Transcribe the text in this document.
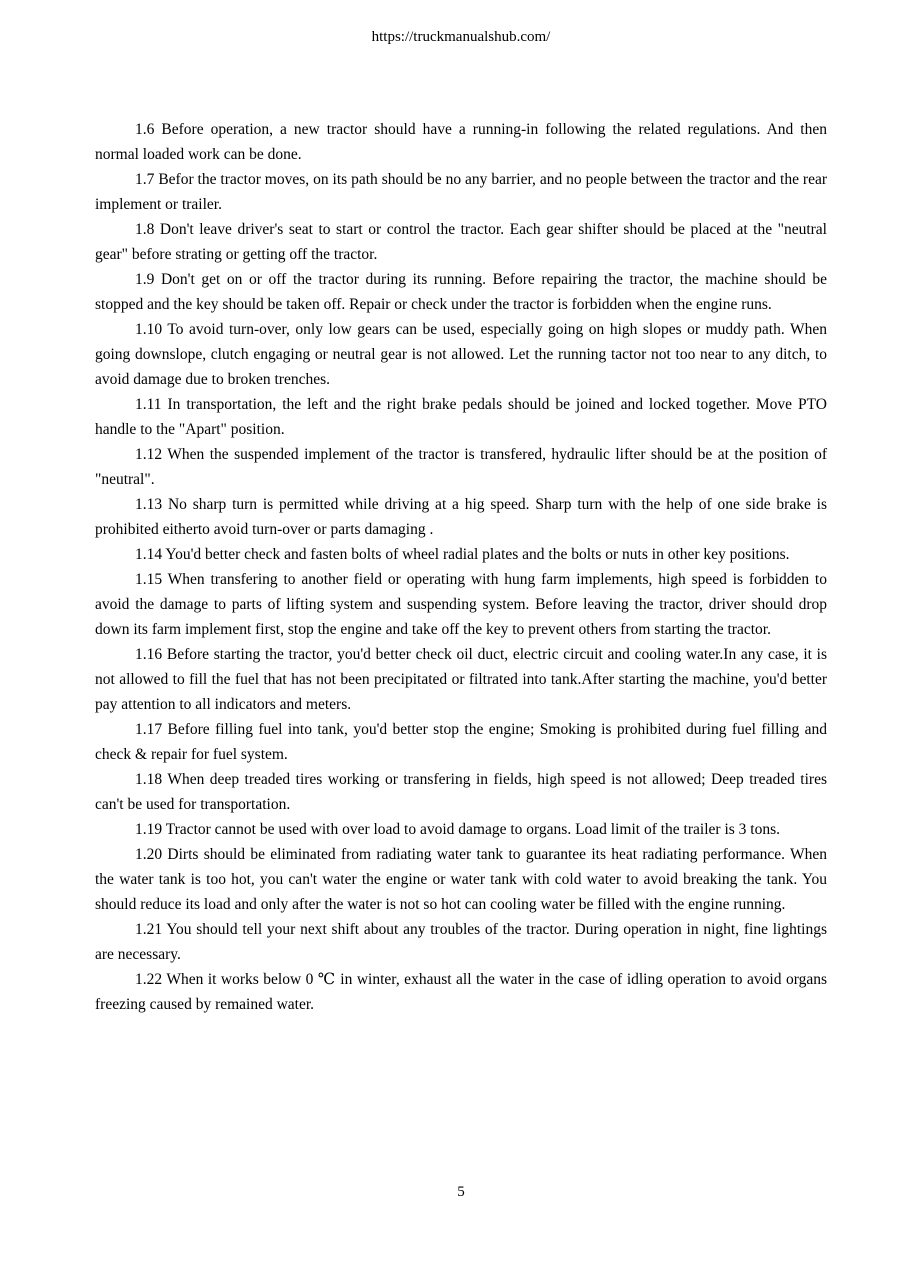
https://truckmanualshub.com/

1.6 Before operation, a new tractor should have a running-in following the related regulations. And then normal loaded work can be done.

1.7 Befor the tractor moves, on its path should be no any barrier, and no people between the tractor and the rear implement or trailer.

1.8 Don't leave driver's seat to start or control the tractor. Each gear shifter should be placed at the "neutral gear" before strating or getting off the tractor.

1.9 Don't get on or off the tractor during its running. Before repairing the tractor, the machine should be stopped and the key should be taken off. Repair or check under the tractor is forbidden when the engine runs.

1.10 To avoid turn-over, only low gears can be used, especially going on high slopes or muddy path. When going downslope, clutch engaging or neutral gear is not allowed. Let the running tactor not too near to any ditch, to avoid damage due to broken trenches.

1.11 In transportation, the left and the right brake pedals should be joined and locked together. Move PTO handle to the "Apart" position.

1.12 When the suspended implement of the tractor is transfered, hydraulic lifter should be at the position of "neutral".

1.13 No sharp turn is permitted while driving at a hig speed. Sharp turn with the help of one side brake is prohibited eitherto avoid turn-over or parts damaging .

1.14 You'd better check and fasten bolts of wheel radial plates and the bolts or nuts in other key positions.

1.15 When transfering to another field or operating with hung farm implements, high speed is forbidden to avoid the damage to parts of lifting system and suspending system. Before leaving the tractor, driver should drop down its farm implement first, stop the engine and take off the key to prevent others from starting the tractor.

1.16 Before starting the tractor, you'd better check oil duct, electric circuit and cooling water.In any case, it is not allowed to fill the fuel that has not been precipitated or filtrated into tank.After starting the machine, you'd better pay attention to all indicators and meters.

1.17 Before filling fuel into tank, you'd better stop the engine; Smoking is prohibited during fuel filling and check & repair for fuel system.

1.18 When deep treaded tires working or transfering in fields, high speed is not allowed; Deep treaded tires can't be used for transportation.

1.19 Tractor cannot be used with over load to avoid damage to organs. Load limit of the trailer is 3 tons.

1.20 Dirts should be eliminated from radiating water tank to guarantee its heat radiating performance. When the water tank is too hot, you can't water the engine or water tank with cold water to avoid breaking the tank. You should reduce its load and only after the water is not so hot can cooling water be filled with the engine running.

1.21 You should tell your next shift about any troubles of the tractor. During operation in night, fine lightings are necessary.

1.22 When it works below 0 ℃ in winter, exhaust all the water in the case of idling operation to avoid organs freezing caused by remained water.

5
